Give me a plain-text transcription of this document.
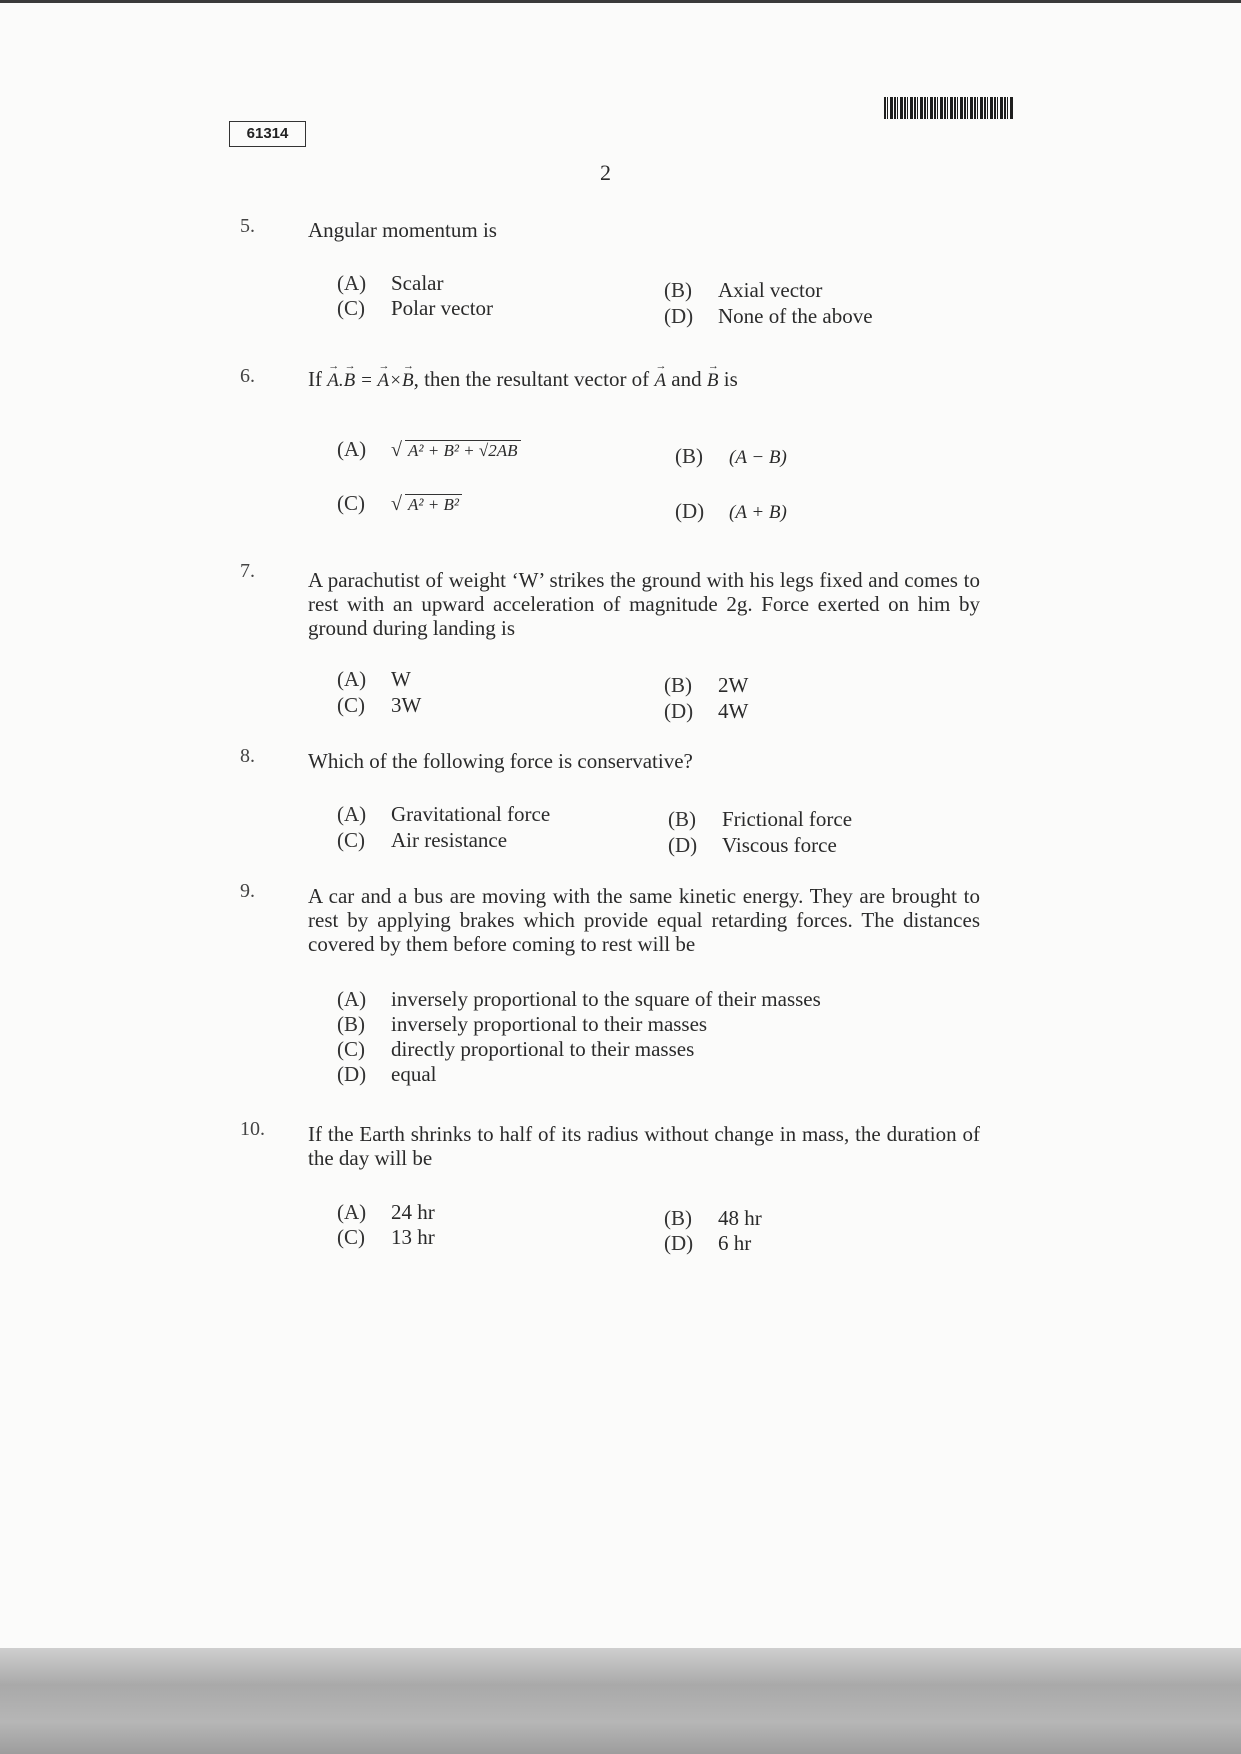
61314
2
5.	Angular momentum is
(A) Scalar	(B) Axial vector
(C) Polar vector	(D) None of the above
6.	If → A.→ B = → A×→ B, then the resultant vector of → A and → B is
(A) √ A² + B² + √2AB	(B) (A − B)
(C) √ A² + B²	(D) (A + B)
7.	A parachutist of weight ‘W’ strikes the ground with his legs fixed and comes to rest with an upward acceleration of magnitude 2g. Force exerted on him by ground during landing is
(A) W	(B) 2W
(C) 3W	(D) 4W
8.	Which of the following force is conservative?
(A) Gravitational force	(B) Frictional force
(C) Air resistance	(D) Viscous force
9.	A car and a bus are moving with the same kinetic energy. They are brought to rest by applying brakes which provide equal retarding forces. The distances covered by them before coming to rest will be
(A) inversely proportional to the square of their masses
(B) inversely proportional to their masses
(C) directly proportional to their masses
(D) equal
10. If the Earth shrinks to half of its radius without change in mass, the duration of the day will be
(A) 24 hr	(B) 48 hr
(C) 13 hr	(D) 6 hr
